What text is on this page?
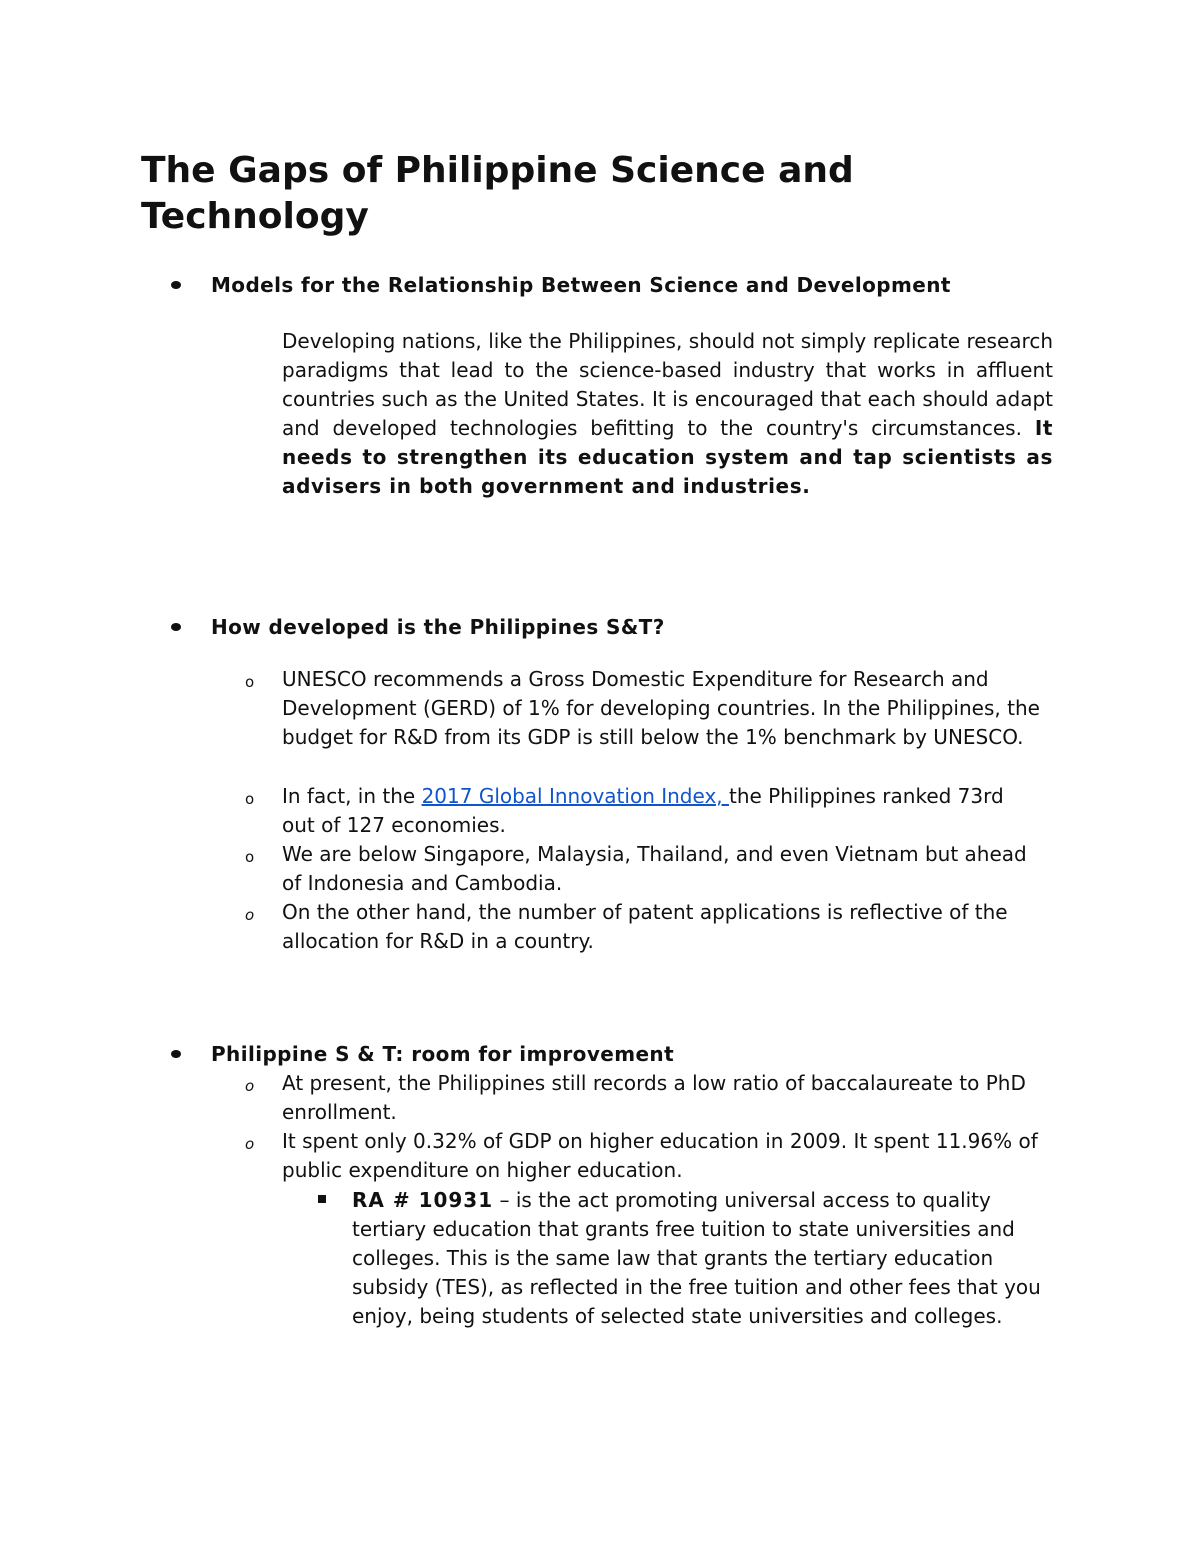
The Gaps of Philippine Science and Technology
Models for the Relationship Between Science and Development

Developing nations, like the Philippines, should not simply replicate research paradigms that lead to the science-based industry that works in affluent countries such as the United States. It is encouraged that each should adapt and developed technologies befitting to the country's circumstances. It needs to strengthen its education system and tap scientists as advisers in both government and industries.

How developed is the Philippines S&T?
o	UNESCO recommends a Gross Domestic Expenditure for Research and Development (GERD) of 1% for developing countries. In the Philippines, the budget for R&D from its GDP is still below the 1% benchmark by UNESCO.
o	In fact, in the 2017 Global Innovation Index, the Philippines ranked 73rd out of 127 economies.
o	We are below Singapore, Malaysia, Thailand, and even Vietnam but ahead of Indonesia and Cambodia.
o	On the other hand, the number of patent applications is reflective of the allocation for R&D in a country.
Philippine S & T: room for improvement
o	At present, the Philippines still records a low ratio of baccalaureate to PhD enrollment.
o	It spent only 0.32% of GDP on higher education in 2009. It spent 11.96% of public expenditure on higher education.
RA # 10931 – is the act promoting universal access to quality tertiary education that grants free tuition to state universities and colleges. This is the same law that grants the tertiary education subsidy (TES), as reflected in the free tuition and other fees that you enjoy, being students of selected state universities and colleges.
